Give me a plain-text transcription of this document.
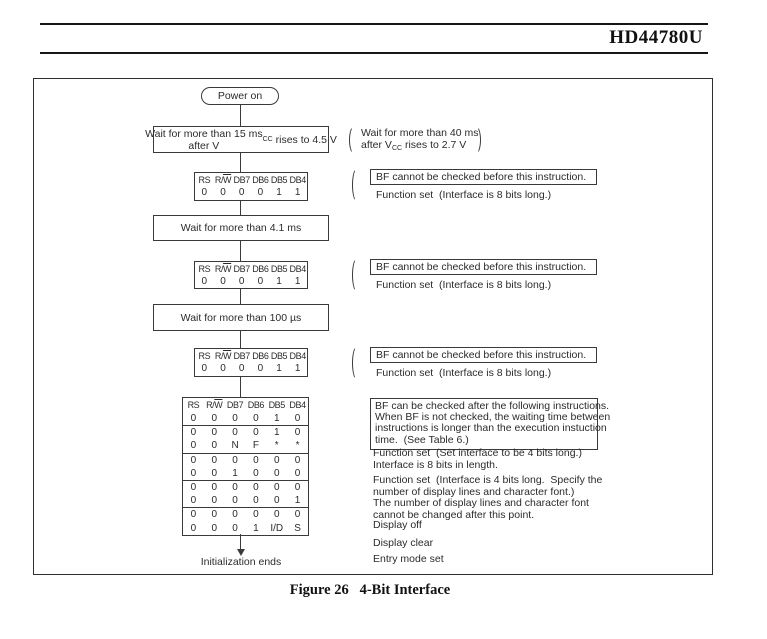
HD44780U
Power on
Wait for more than 15 ms
after V
CC rises to 4.5 V
RS $R/\overline{W}$ DB7 DB6 DB5 DB4
0	0	0	0	1	1
Wait for more than 4.1 ms
RS $R/\overline{W}$ DB7 DB6 DB5 DB4
0	0	0	0	1	1
Wait for more than 100 µs
RS $R/\overline{W}$ DB7 DB6 DB5 DB4
0	0	0	0	1	1
RS $R/\overline{W}$ DB7 DB6 DB5 DB4
0	0	0	0	1	0
0	0	0	0	1	0
0	0	N	F	*	*
0	0	0	0	0	0
0	0	1	0	0	0
0	0	0	0	0	0
0	0	0	0	0	1
0	0	0	0	0	0
0	0	0	1	I/D	S
Initialization ends
Wait for more than 40 ms
after $V_{CC}$ rises to 2.7 V
BF cannot be checked before this instruction.
Function set  (Interface is 8 bits long.)
BF cannot be checked before this instruction.
Function set  (Interface is 8 bits long.)
BF cannot be checked before this instruction.
Function set  (Interface is 8 bits long.)
BF can be checked after the following instructions.
When BF is not checked, the waiting time between
instructions is longer than the execution instuction
time.  (See Table 6.)
Function set  (Set interface to be 4 bits long.)
Interface is 8 bits in length.
Function set  (Interface is 4 bits long.  Specify the
number of display lines and character font.)
The number of display lines and character font
cannot be changed after this point.
Display off
Display clear
Entry mode set
Figure 26   4-Bit Interface
